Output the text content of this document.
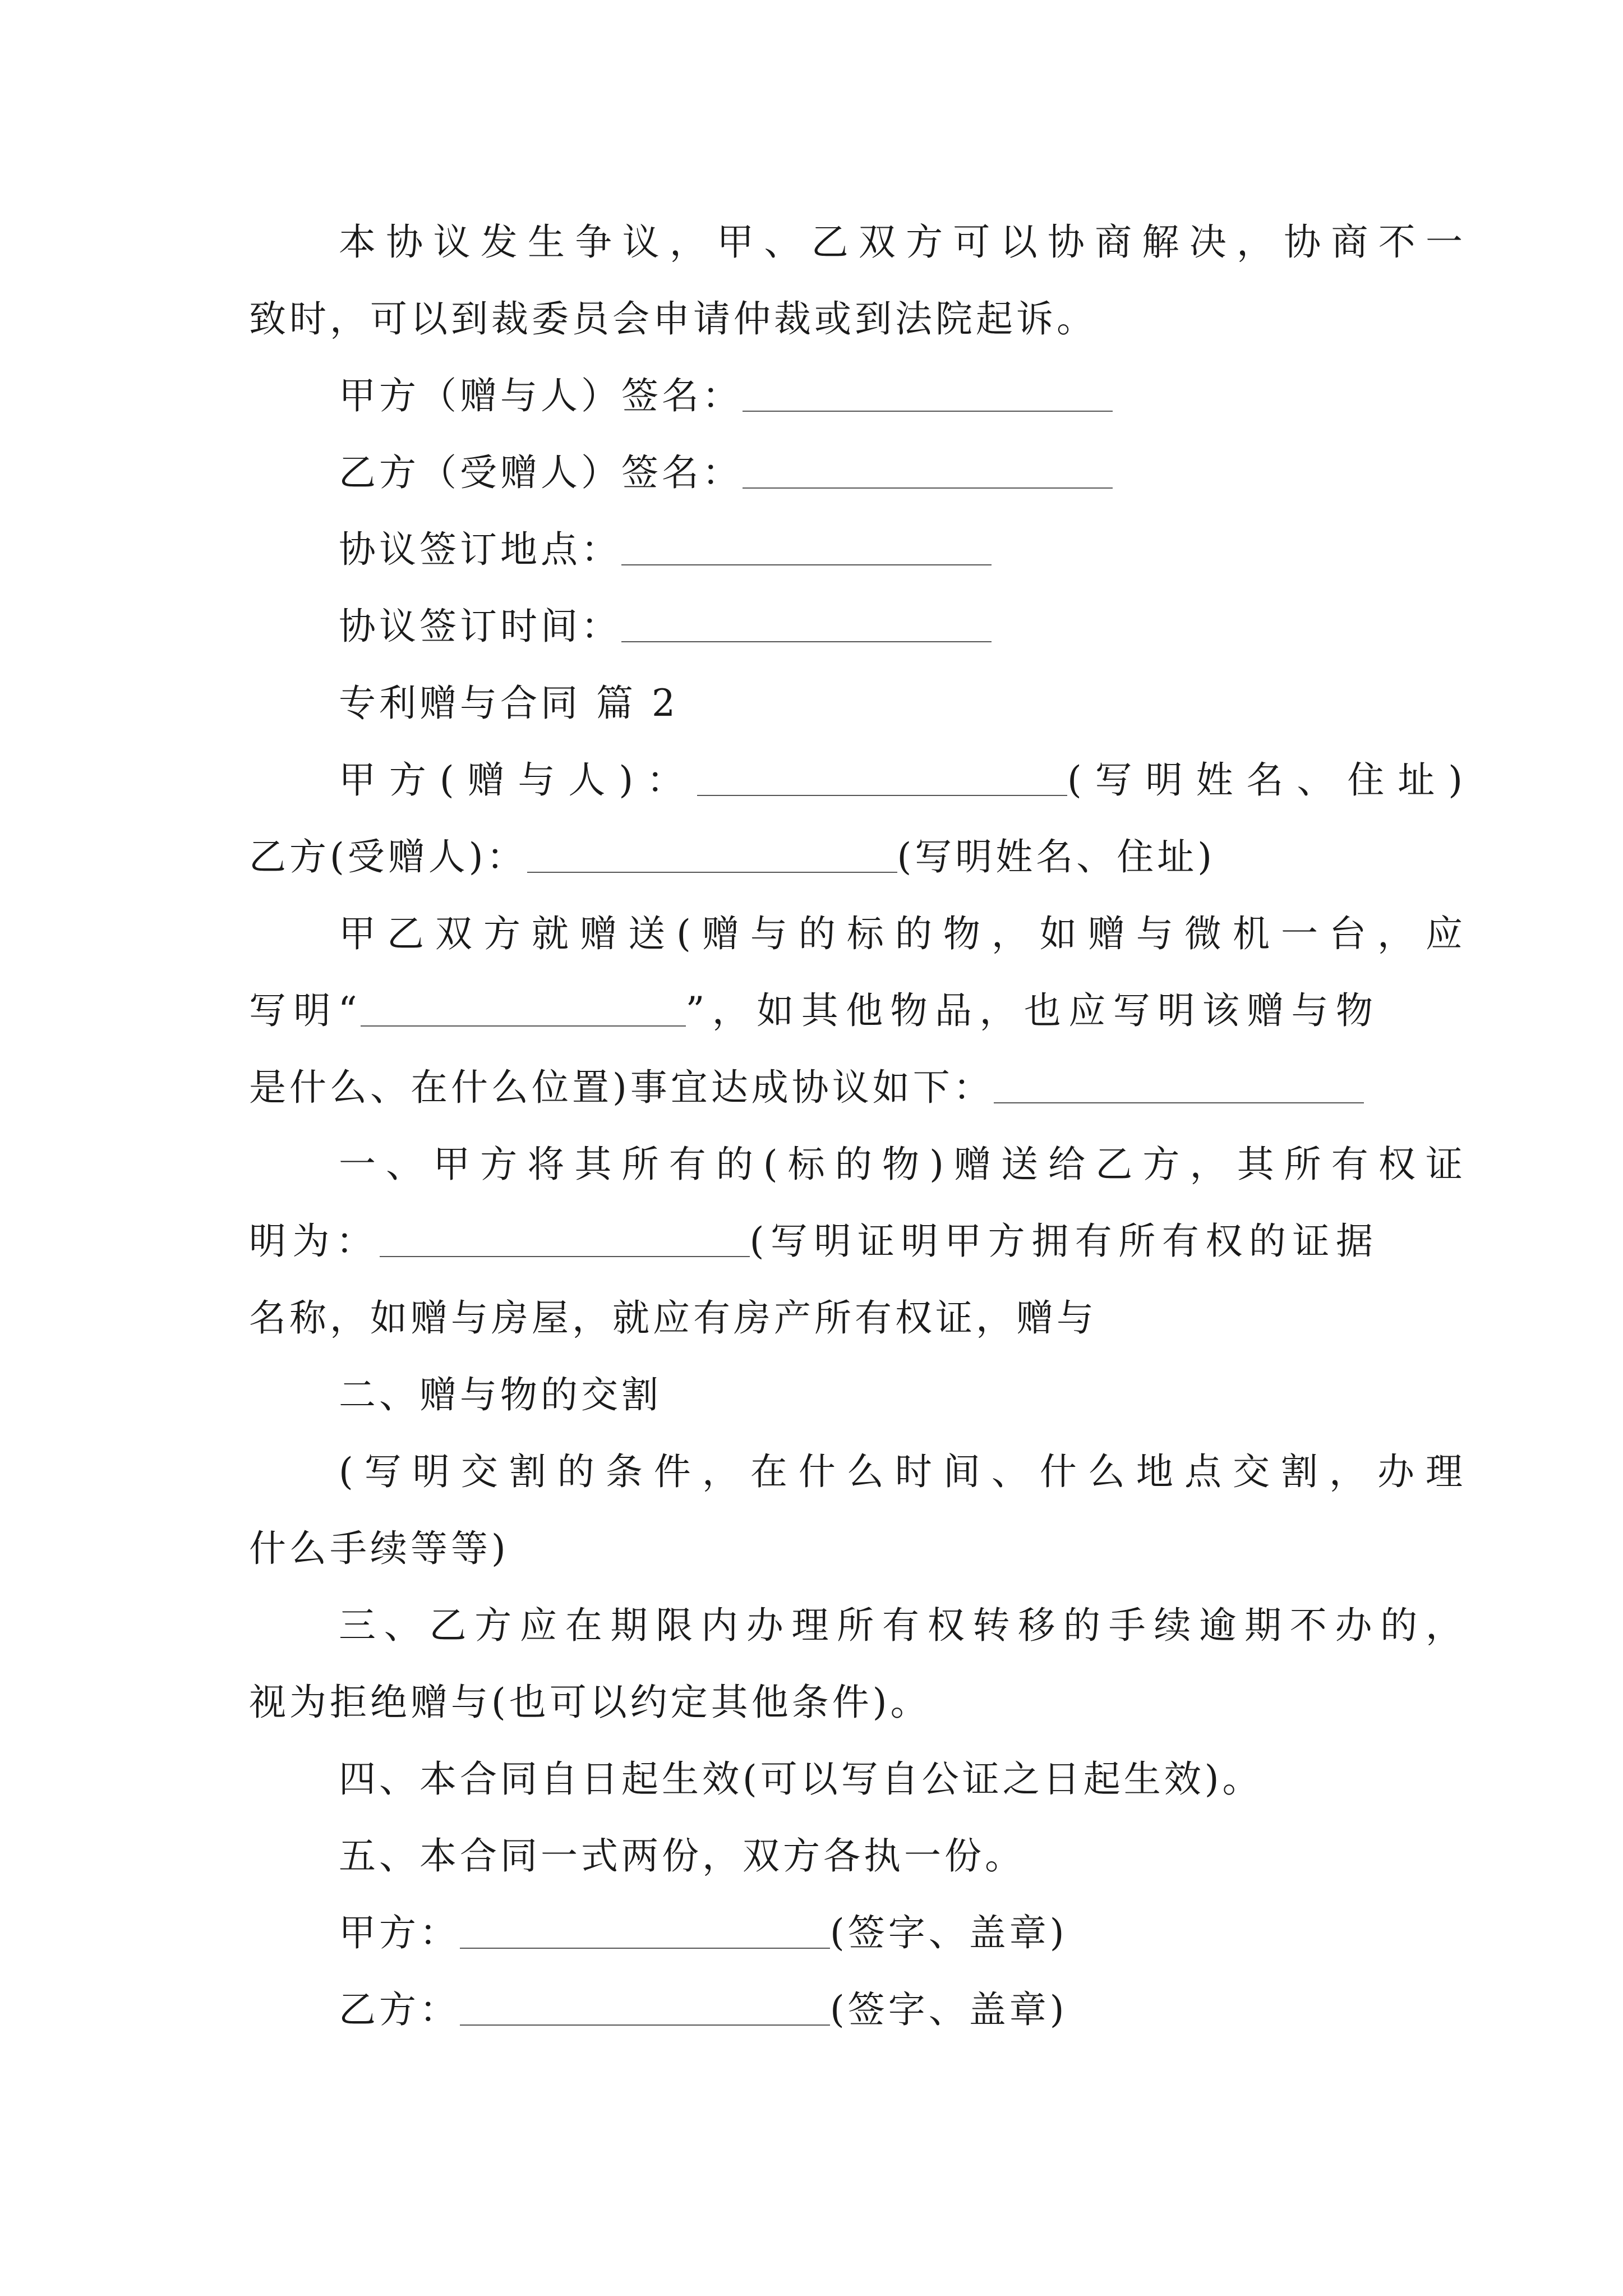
本协议发生争议，甲、乙双方可以协商解决，协商不一
致时，可以到裁委员会申请仲裁或到法院起诉。
甲方（赠与人）签名：
乙方（受赠人）签名：
协议签订地点：
协议签订时间：
专利赠与合同 篇 2
甲方(赠与人)：	(写明姓名、住址)
乙方(受赠人)：	(写明姓名、住址)
甲乙双方就赠送(赠与的标的物，如赠与微机一台，应
写明“	”，如其他物品，也应写明该赠与物
是什么、在什么位置)事宜达成协议如下：
一、甲方将其所有的(标的物)赠送给乙方，其所有权证
明为：	(写明证明甲方拥有所有权的证据
名称，如赠与房屋，就应有房产所有权证，赠与
二、赠与物的交割
(写明交割的条件，在什么时间、什么地点交割，办理
什么手续等等)
三、乙方应在期限内办理所有权转移的手续逾期不办的，
视为拒绝赠与(也可以约定其他条件)。
四、本合同自日起生效(可以写自公证之日起生效)。
五、本合同一式两份，双方各执一份。
甲方：	(签字、盖章)
乙方：	(签字、盖章)
